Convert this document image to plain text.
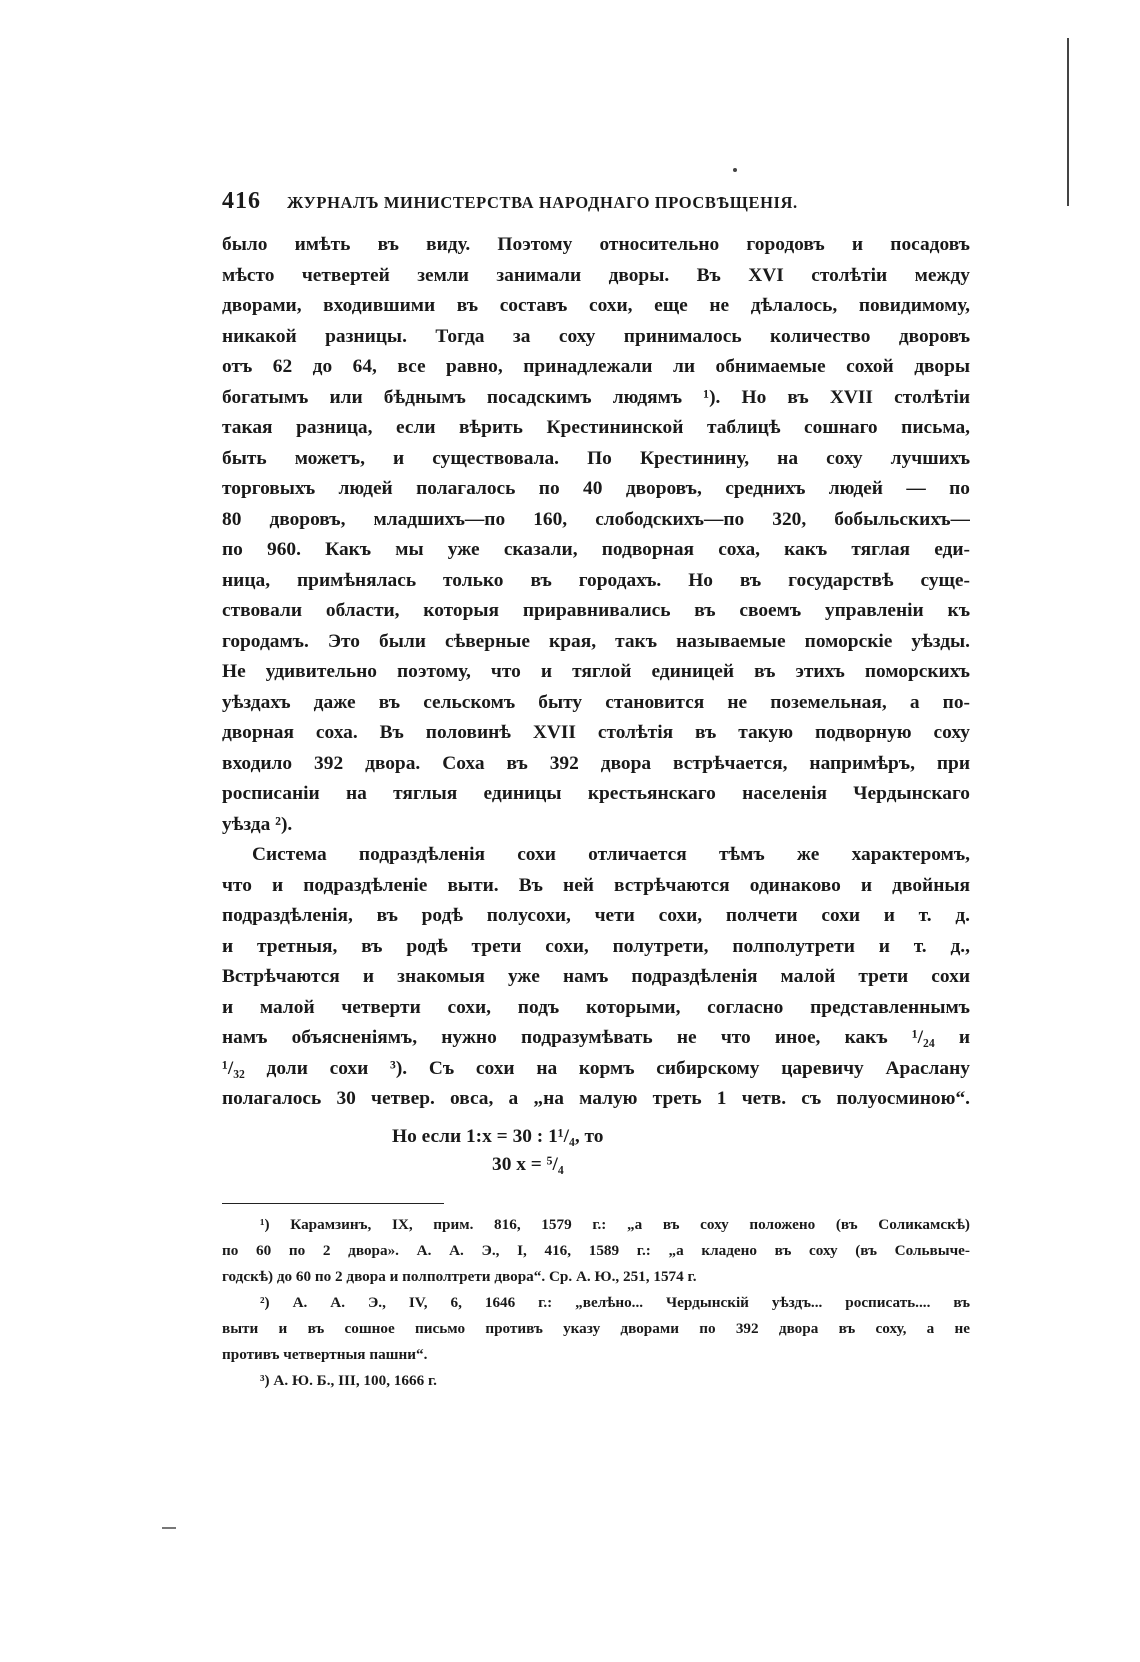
416 ЖУРНАЛЪ МИНИСТЕРСТВА НАРОДНАГО ПРОСВѢЩЕНІЯ.
было имѣть въ виду. Поэтому относительно городовъ и посадовъ
мѣсто четвертей земли занимали дворы. Въ XVI столѣтіи между
дворами, входившими въ составъ сохи, еще не дѣлалось, повидимому,
никакой разницы. Тогда за соху принималось количество дворовъ
отъ 62 до 64, все равно, принадлежали ли обнимаемые сохой дворы
богатымъ или бѣднымъ посадскимъ людямъ ¹). Но въ XVII столѣтіи
такая разница, если вѣрить Крестининской таблицѣ сошнаго письма,
быть можетъ, и существовала. По Крестинину, на соху лучшихъ
торговыхъ людей полагалось по 40 дворовъ, среднихъ людей — по
80 дворовъ, младшихъ—по 160, слободскихъ—по 320, бобыльскихъ—
по 960. Какъ мы уже сказали, подворная соха, какъ тяглая еди-
ница, примѣнялась только въ городахъ. Но въ государствѣ суще-
ствовали области, которыя приравнивались въ своемъ управленіи къ
городамъ. Это были сѣверные края, такъ называемые поморскіе уѣзды.
Не удивительно поэтому, что и тяглой единицей въ этихъ поморскихъ
уѣздахъ даже въ сельскомъ быту становится не поземельная, а по-
дворная соха. Въ половинѣ XVII столѣтія въ такую подворную соху
входило 392 двора. Соха въ 392 двора встрѣчается, напримѣръ, при
росписаніи на тяглыя единицы крестьянскаго населенія Чердынскаго
уѣзда ²).
Система подраздѣленія сохи отличается тѣмъ же характеромъ,
что и подраздѣленіе выти. Въ ней встрѣчаются одинаково и двойныя
подраздѣленія, въ родѣ полусохи, чети сохи, полчети сохи и т. д.
и третныя, въ родѣ трети сохи, полутрети, полполутрети и т. д.,
Встрѣчаются и знакомыя уже намъ подраздѣленія малой трети сохи
и малой четверти сохи, подъ которыми, согласно представленнымъ
намъ объясненіямъ, нужно подразумѣвать не что иное, какъ ¹/₂₄ и
¹/₃₂ доли сохи ³). Съ сохи на кормъ сибирскому царевичу Араслану
полагалось 30 четвер. овса, а „на малую треть 1 четв. съ полуосминою“.
Но если 1:x = 30 : 1¹/₄, то
30 x = ⁵/₄
¹) Карамзинъ, IX, прим. 816, 1579 г.: „а въ соху положено (въ Соликамскѣ)
по 60 по 2 двора». А. А. Э., I, 416, 1589 г.: „а кладено въ соху (въ Сольвыче-
годскѣ) до 60 по 2 двора и полполтрети двора“. Ср. А. Ю., 251, 1574 г.
²) А. А. Э., IV, 6, 1646 г.: „велѣно... Чердынскій уѣздъ... росписать.... въ
выти и въ сошное письмо противъ указу дворами по 392 двора въ соху, а не
противъ четвертныя пашни“.
³) А. Ю. Б., III, 100, 1666 г.
